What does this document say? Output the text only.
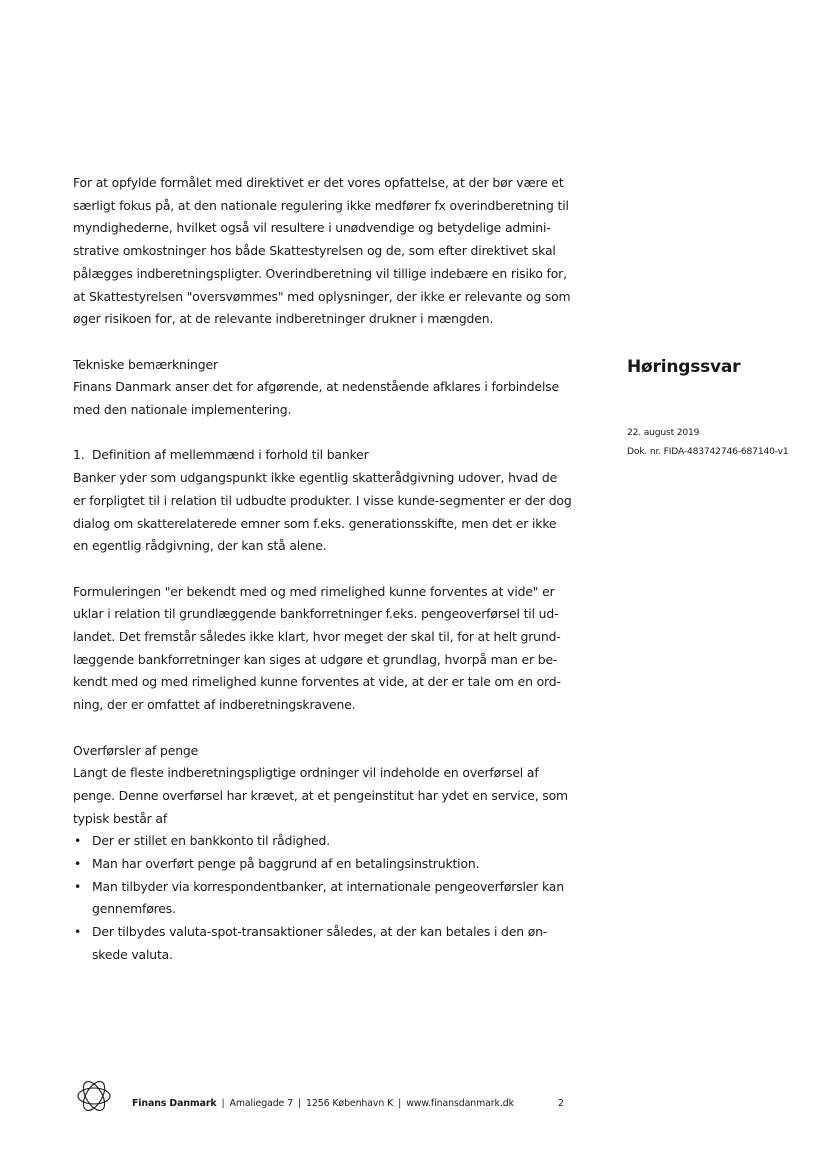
For at opfylde formålet med direktivet er det vores opfattelse, at der bør være et
særligt fokus på, at den nationale regulering ikke medfører fx overindberetning til
myndighederne, hvilket også vil resultere i unødvendige og betydelige admini-
strative omkostninger hos både Skattestyrelsen og de, som efter direktivet skal
pålægges indberetningspligter. Overindberetning vil tillige indebære en risiko for,
at Skattestyrelsen "oversvømmes" med oplysninger, der ikke er relevante og som
øger risikoen for, at de relevante indberetninger drukner i mængden.

Tekniske bemærkninger

Finans Danmark anser det for afgørende, at nedenstående afklares i forbindelse
med den nationale implementering.
1. Definition af mellemmænd i forhold til banker
Banker yder som udgangspunkt ikke egentlig skatterådgivning udover, hvad de
er forpligtet til i relation til udbudte produkter. I visse kunde-segmenter er der dog
dialog om skatterelaterede emner som f.eks. generationsskifte, men det er ikke
en egentlig rådgivning, der kan stå alene.
Formuleringen "er bekendt med og med rimelighed kunne forventes at vide" er
uklar i relation til grundlæggende bankforretninger f.eks. pengeoverførsel til ud-
landet. Det fremstår således ikke klart, hvor meget der skal til, for at helt grund-
læggende bankforretninger kan siges at udgøre et grundlag, hvorpå man er be-
kendt med og med rimelighed kunne forventes at vide, at der er tale om en ord-
ning, der er omfattet af indberetningskravene.

Overførsler af penge

Langt de fleste indberetningspligtige ordninger vil indeholde en overførsel af
penge. Denne overførsel har krævet, at et pengeinstitut har ydet en service, som
typisk består af
• Der er stillet en bankkonto til rådighed.
• Man har overført penge på baggrund af en betalingsinstruktion.
• Man tilbyder via korrespondentbanker, at internationale pengeoverførsler kan
gennemføres.
• Der tilbydes valuta-spot-transaktioner således, at der kan betales i den øn-
skede valuta.
Høringssvar
22. august 2019
Dok. nr. FIDA-483742746-687140-v1
Finans Danmark | Amaliegade 7 | 1256 København K | www.finansdanmark.dk	2
